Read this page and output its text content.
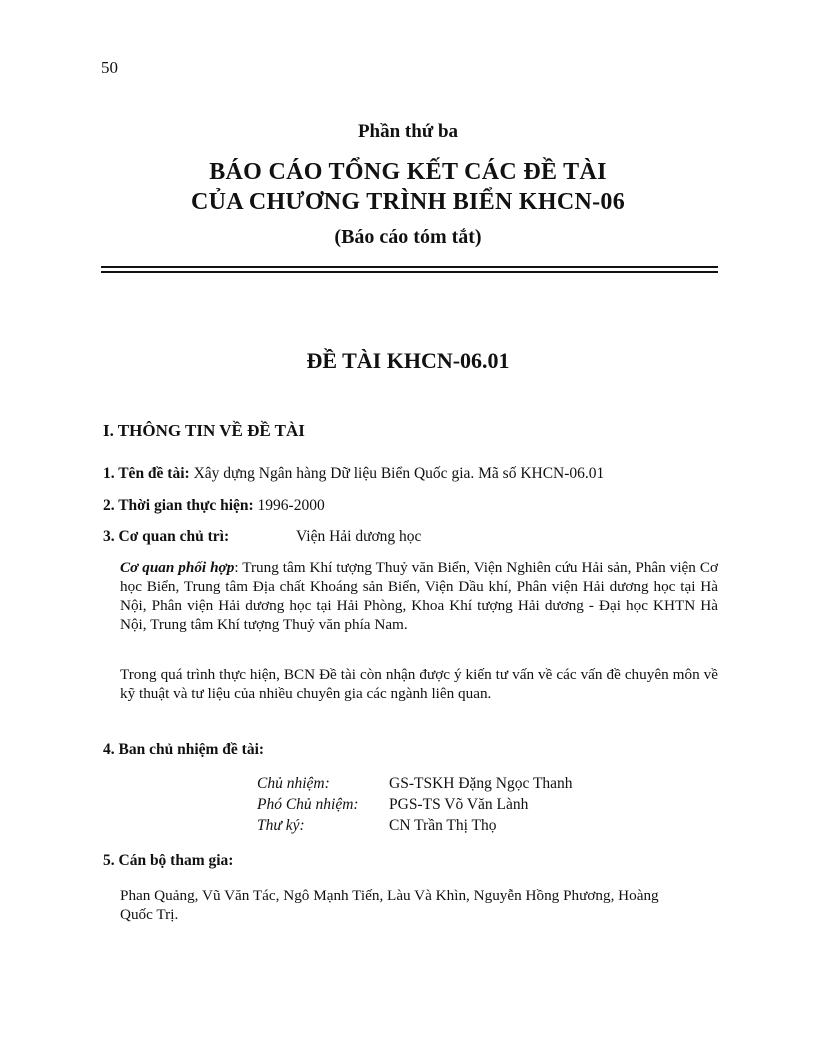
50
Phần thứ ba
BÁO CÁO TỔNG KẾT CÁC ĐỀ TÀI
CỦA CHƯƠNG TRÌNH BIỂN KHCN-06
(Báo cáo tóm tắt)
ĐỀ TÀI KHCN-06.01
I. THÔNG TIN VỀ ĐỀ TÀI
1. Tên đề tài: Xây dựng Ngân hàng Dữ liệu Biển Quốc gia. Mã số KHCN-06.01
2. Thời gian thực hiện: 1996-2000
3. Cơ quan chủ trì:	Viện Hải dương học
Cơ quan phối hợp: Trung tâm Khí tượng Thuỷ văn Biển, Viện Nghiên cứu Hải sản, Phân viện Cơ học Biển, Trung tâm Địa chất Khoáng sản Biển, Viện Dầu khí, Phân viện Hải dương học tại Hà Nội, Phân viện Hải dương học tại Hải Phòng, Khoa Khí tượng Hải dương - Đại học KHTN Hà Nội, Trung tâm Khí tượng Thuỷ văn phía Nam.
Trong quá trình thực hiện, BCN Đề tài còn nhận được ý kiến tư vấn về các vấn đề chuyên môn về kỹ thuật và tư liệu của nhiều chuyên gia các ngành liên quan.
4. Ban chủ nhiệm đề tài:
Chủ nhiệm:	GS-TSKH Đặng Ngọc Thanh
Phó Chủ nhiệm:	PGS-TS Võ Văn Lành
Thư ký:	CN Trần Thị Thọ
5. Cán bộ tham gia:
Phan Quảng, Vũ Văn Tác, Ngô Mạnh Tiến, Làu Và Khìn, Nguyễn Hồng Phương, Hoàng Quốc Trị.
